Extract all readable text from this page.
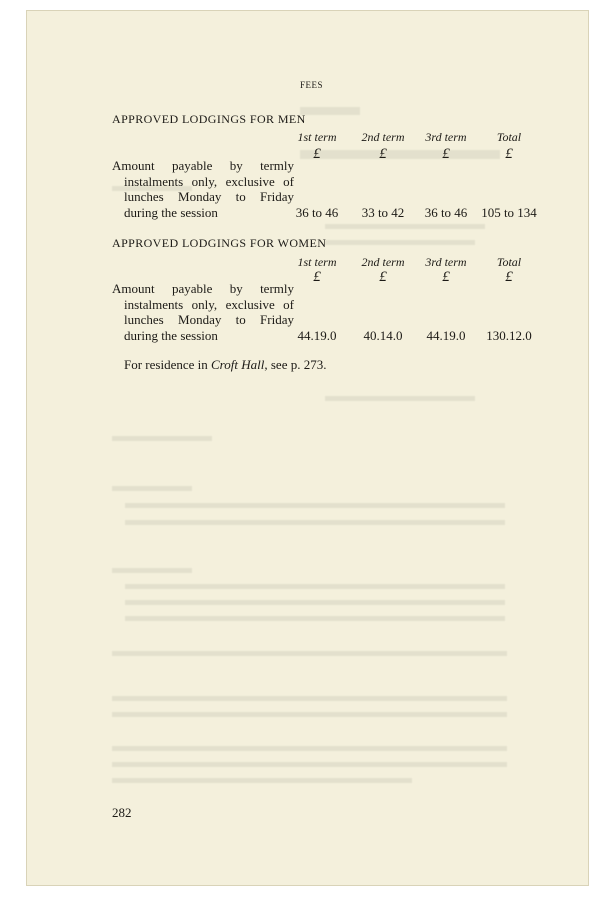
FEES
APPROVED LODGINGS FOR MEN
1st term	2nd term	3rd term	Total
£	£	£	£
Amount payable by termly
instalments only, exclusive of
lunches Monday to Friday
during the session	36 to 46	33 to 42	36 to 46	105 to 134
APPROVED LODGINGS FOR WOMEN
1st term	2nd term	3rd term	Total
£	£	£	£
Amount payable by termly
instalments only, exclusive of
lunches Monday to Friday
during the session	44.19.0	40.14.0	44.19.0	130.12.0
For residence in Croft Hall, see p. 273.
282
